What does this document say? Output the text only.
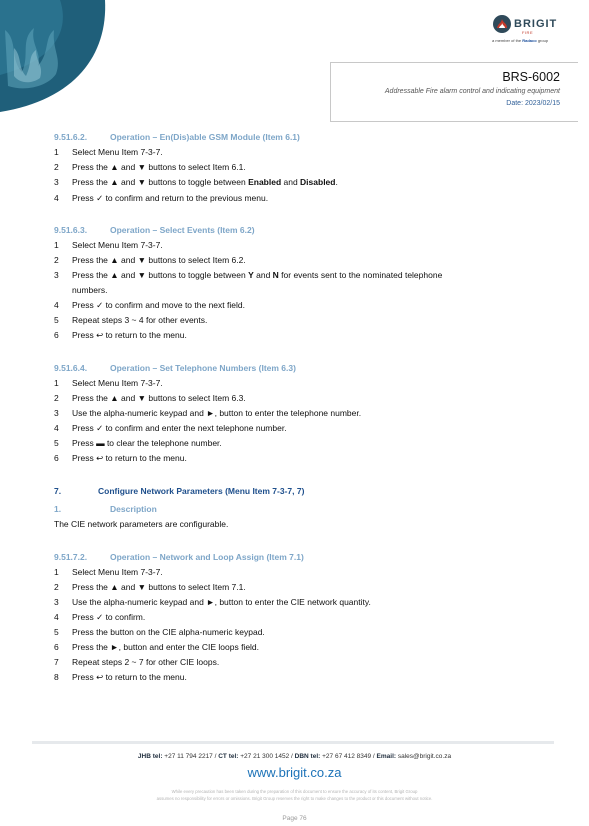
BRIGIT
FIRE
a member of the Radaco group
BRS-6002
Addressable Fire alarm control and indicating equipment
Date: 2023/02/15
9.51.6.2.	Operation – En(Dis)able GSM Module (Item 6.1)
1 Select Menu Item 7-3-7.
2 Press the ▲ and ▼ buttons to select Item 6.1.
3 Press the ▲ and ▼ buttons to toggle between Enabled and Disabled.
4 Press ✓ to confirm and return to the previous menu.
9.51.6.3.	Operation – Select Events (Item 6.2)
1 Select Menu Item 7-3-7.
2 Press the ▲ and ▼ buttons to select Item 6.2.
3 Press the ▲ and ▼ buttons to toggle between Y and N for events sent to the nominated telephone
numbers.
4 Press ✓ to confirm and move to the next field.
5 Repeat steps 3 ~ 4 for other events.
6 Press ↩ to return to the menu.
9.51.6.4.	Operation – Set Telephone Numbers (Item 6.3)
1 Select Menu Item 7-3-7.
2 Press the ▲ and ▼ buttons to select Item 6.3.
3 Use the alpha-numeric keypad and ►, button to enter the telephone number.
4 Press ✓ to confirm and enter the next telephone number.
5 Press ▬ to clear the telephone number.
6 Press ↩ to return to the menu.
7.	Configure Network Parameters (Menu Item 7-3-7, 7)
1.	Description
The CIE network parameters are configurable.
9.51.7.2.	Operation – Network and Loop Assign (Item 7.1)
1 Select Menu Item 7-3-7.
2 Press the ▲ and ▼ buttons to select Item 7.1.
3 Use the alpha-numeric keypad and ►, button to enter the CIE network quantity.
4 Press ✓ to confirm.
5 Press the button on the CIE alpha-numeric keypad.
6 Press the ►, button and enter the CIE loops field.
7 Repeat steps 2 ~ 7 for other CIE loops.
8 Press ↩ to return to the menu.
JHB tel: +27 11 794 2217 / CT tel: +27 21 300 1452 / DBN tel: +27 67 412 8349 / Email: sales@brigit.co.za
www.brigit.co.za
While every precaution has been taken during the preparation of this document to ensure the accuracy of its content, Brigit Group
assumes no responsibility for errors or omissions. Brigit Group reserves the right to make changes to the product or this document without notice.
Page 76
